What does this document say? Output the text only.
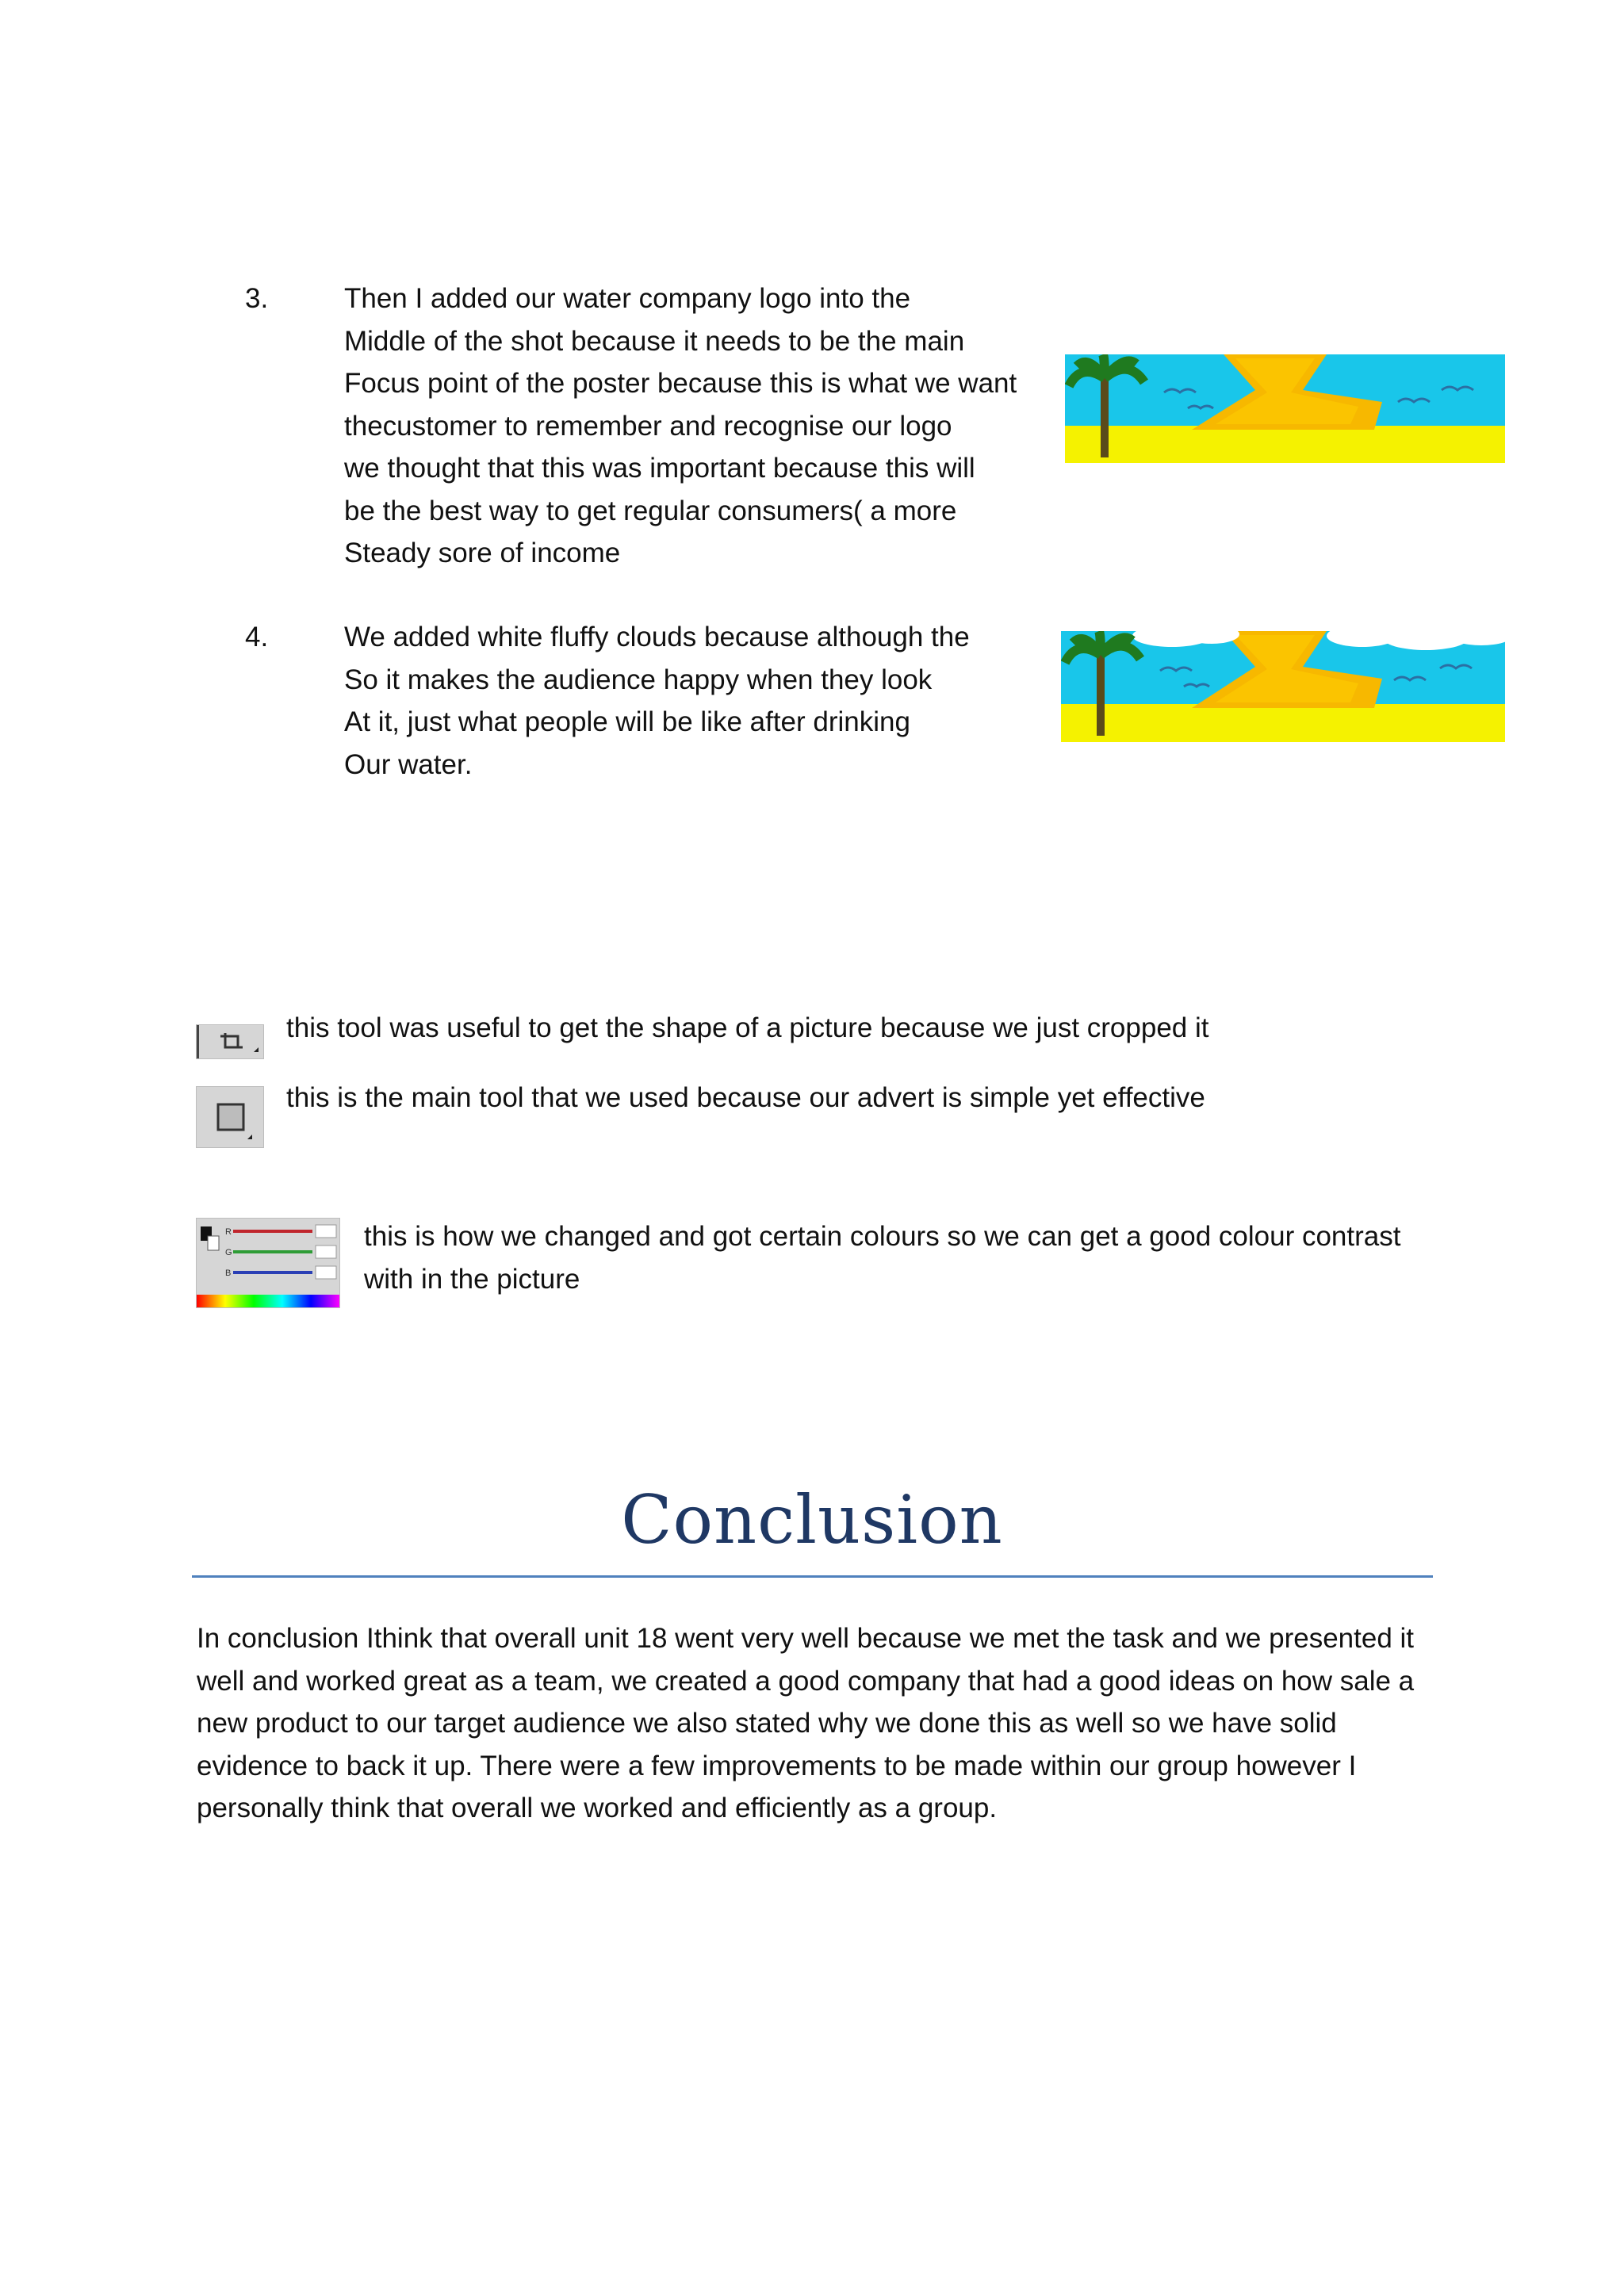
3.	Then I added our water company logo into the
Middle of the shot because it needs to be the main
Focus point of the poster because this is what we want
thecustomer to remember and recognise our logo
we thought that this was important because this will
be the best way to get regular consumers( a more
Steady sore of income
4.	We added white fluffy clouds because although the
So it makes the audience happy when they look
At it, just what people will be like after drinking
Our water.
this tool was useful to get the shape of a picture because we just cropped it
this is the main tool that we used because our advert is simple yet effective
R
G
B
this is how we changed and got certain colours so we can get a good colour contrast
with in the picture
Conclusion
In conclusion Ithink that overall unit 18 went very well because we met the task and we presented it
well and worked great as a team, we created a good company that had a good ideas on how sale a
new product to our target audience we also stated why we done this as well so we have solid
evidence to back it up. There were a few improvements to be made within our group however I
personally think that overall we worked and efficiently as a group.
